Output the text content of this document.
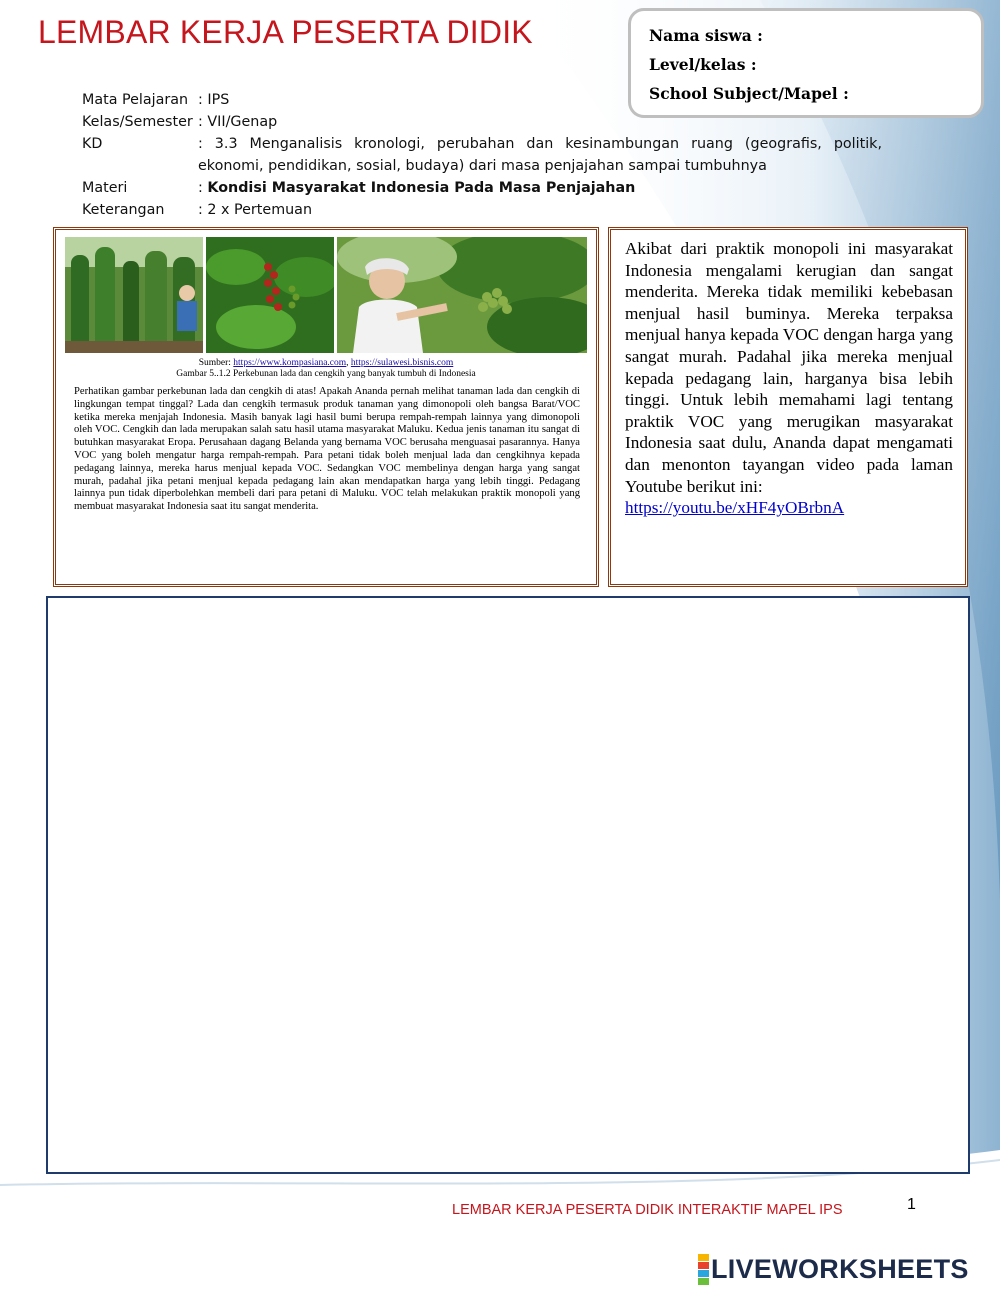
LEMBAR KERJA PESERTA DIDIK	Nama siswa :
Level/kelas :
School Subject/Mapel :
Mata Pelajaran : IPS
Kelas/Semester : VII/Genap
KD	: 3.3 Menganalisis kronologi, perubahan dan kesinambungan ruang (geografis, politik, ekonomi, pendidikan, sosial, budaya) dari masa penjajahan sampai tumbuhnya
Materi	: Kondisi Masyarakat Indonesia Pada Masa Penjajahan
Keterangan	: 2 x Pertemuan
Sumber: https://www.kompasiana.com, https://sulawesi.bisnis.com
Gambar 5..1.2 Perkebunan lada dan cengkih yang banyak tumbuh di Indonesia
Perhatikan gambar perkebunan lada dan cengkih di atas! Apakah Ananda pernah melihat tanaman lada dan cengkih di lingkungan tempat tinggal? Lada dan cengkih termasuk produk tanaman yang dimonopoli oleh bangsa Barat/VOC ketika mereka menjajah Indonesia. Masih banyak lagi hasil bumi berupa rempah-rempah lainnya yang dimonopoli oleh VOC. Cengkih dan lada merupakan salah satu hasil utama masyarakat Maluku. Kedua jenis tanaman itu sangat di butuhkan masyarakat Eropa. Perusahaan dagang Belanda yang bernama VOC berusaha menguasai pasarannya. Hanya VOC yang boleh mengatur harga rempah-rempah. Para petani tidak boleh menjual lada dan cengkihnya kepada pedagang lainnya, mereka harus menjual kepada VOC. Sedangkan VOC membelinya dengan harga yang sangat murah, padahal jika petani menjual kepada pedagang lain akan mendapatkan harga yang lebih tinggi. Pedagang lainnya pun tidak diperbolehkan membeli dari para petani di Maluku. VOC telah melakukan praktik monopoli yang membuat masyarakat Indonesia saat itu sangat menderita.
Akibat dari praktik monopoli ini masyarakat Indonesia mengalami kerugian dan sangat menderita. Mereka tidak memiliki kebebasan menjual hasil buminya. Mereka terpaksa menjual hanya kepada VOC dengan harga yang sangat murah. Padahal jika mereka menjual kepada pedagang lain, harganya bisa lebih tinggi. Untuk lebih memahami lagi tentang praktik VOC yang merugikan masyarakat Indonesia saat dulu, Ananda dapat mengamati dan menonton tayangan video pada laman Youtube berikut ini:
https://youtu.be/xHF4yOBrbnA
LEMBAR KERJA PESERTA DIDIK INTERAKTIF MAPEL IPS	1
LIVEWORKSHEETS
